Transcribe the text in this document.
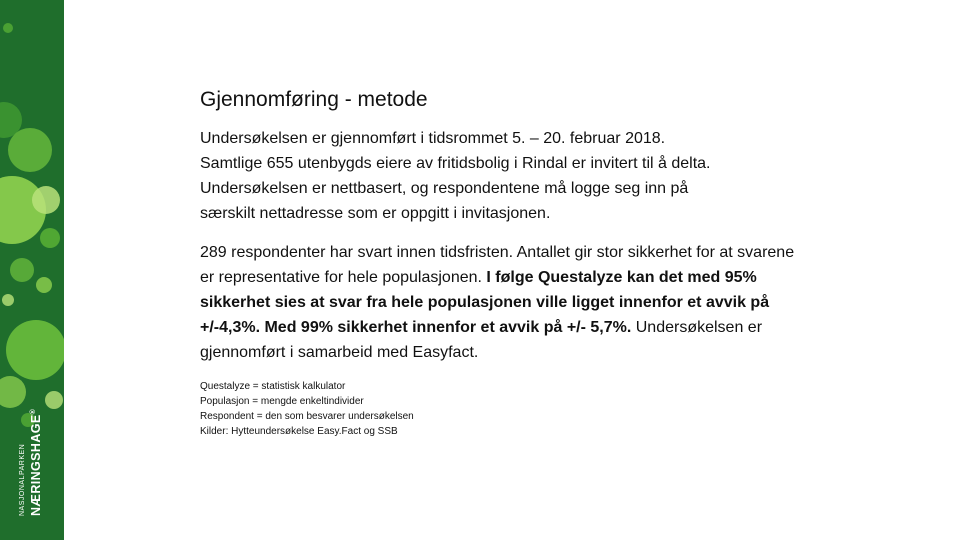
NASJONALPARKEN NÆRINGSHAGE®
Gjennomføring - metode
Undersøkelsen er gjennomført i tidsrommet 5. – 20. februar 2018.
Samtlige 655 utenbygds eiere av fritidsbolig i Rindal er invitert til å delta.
Undersøkelsen er nettbasert, og respondentene må logge seg inn på
særskilt nettadresse som er oppgitt i invitasjonen.

289 respondenter har svart innen tidsfristen. Antallet gir stor sikkerhet for at svarene er representative for hele populasjonen. I følge Questalyze kan det med 95% sikkerhet sies at svar fra hele populasjonen ville ligget innenfor et avvik på +/-4,3%. Med 99% sikkerhet innenfor et avvik på +/- 5,7%. Undersøkelsen er gjennomført i samarbeid med Easyfact.

Questalyze = statistisk kalkulator
Populasjon = mengde enkeltindivider
Respondent = den som besvarer undersøkelsen
Kilder: Hytteundersøkelse Easy.Fact og SSB
